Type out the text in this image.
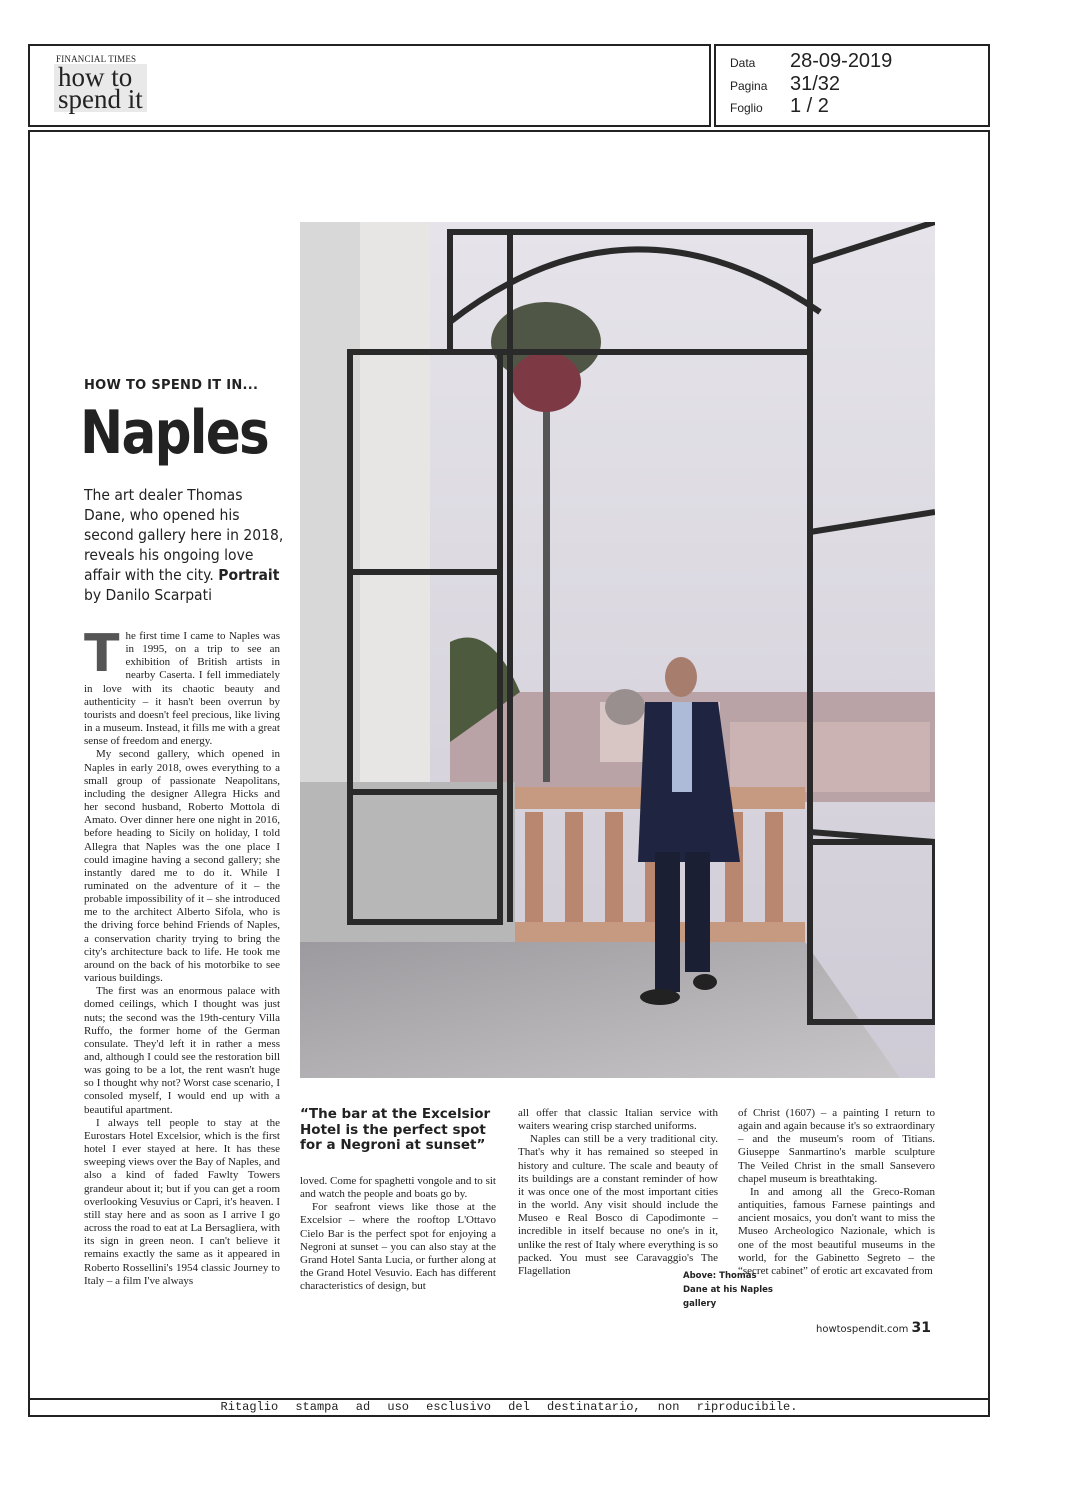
FINANCIAL TIMES
how to
spend it
Data 28-09-2019
Pagina 31/32
Foglio 1 / 2
HOW TO SPEND IT IN...
Naples
The art dealer Thomas Dane, who opened his second gallery here in 2018, reveals his ongoing love affair with the city. Portrait by Danilo Scarpati
T he first time I came to Naples was in 1995, on a trip to see an exhibition of British artists in nearby Caserta. I fell immediately in love with its chaotic beauty and authenticity – it hasn't been overrun by tourists and doesn't feel precious, like living in a museum. Instead, it fills me with a great sense of freedom and energy.

My second gallery, which opened in Naples in early 2018, owes everything to a small group of passionate Neapolitans, including the designer Allegra Hicks and her second husband, Roberto Mottola di Amato. Over dinner here one night in 2016, before heading to Sicily on holiday, I told Allegra that Naples was the one place I could imagine having a second gallery; she instantly dared me to do it. While I ruminated on the adventure of it – the probable impossibility of it – she introduced me to the architect Alberto Sifola, who is the driving force behind Friends of Naples, a conservation charity trying to bring the city's architecture back to life. He took me around on the back of his motorbike to see various buildings.

The first was an enormous palace with domed ceilings, which I thought was just nuts; the second was the 19th-century Villa Ruffo, the former home of the German consulate. They'd left it in rather a mess and, although I could see the restoration bill was going to be a lot, the rent wasn't huge so I thought why not? Worst case scenario, I consoled myself, I would end up with a beautiful apartment.

I always tell people to stay at the Eurostars Hotel Excelsior, which is the first hotel I ever stayed at here. It has these sweeping views over the Bay of Naples, and also a kind of faded Fawlty Towers grandeur about it; but if you can get a room overlooking Vesuvius or Capri, it's heaven. I still stay here and as soon as I arrive I go across the road to eat at La Bersagliera, with its sign in green neon. I can't believe it remains exactly the same as it appeared in Roberto Rossellini's 1954 classic Journey to Italy – a film I've always

“The bar at the Excelsior Hotel is the perfect spot for a Negroni at sunset”

loved. Come for spaghetti vongole and to sit and watch the people and boats go by.

For seafront views like those at the Excelsior – where the rooftop L'Ottavo Cielo Bar is the perfect spot for enjoying a Negroni at sunset – you can also stay at the Grand Hotel Santa Lucia, or further along at the Grand Hotel Vesuvio. Each has different characteristics of design, but

all offer that classic Italian service with waiters wearing crisp starched uniforms.

Naples can still be a very traditional city. That's why it has remained so steeped in history and culture. The scale and beauty of its buildings are a constant reminder of how it was once one of the most important cities in the world. Any visit should include the Museo e Real Bosco di Capodimonte – incredible in itself because no one's in it, unlike the rest of Italy where everything is so packed. You must see Caravaggio's The Flagellation

of Christ (1607) – a painting I return to again and again because it's so extraordinary – and the museum's room of Titians. Giuseppe Sanmartino's marble sculpture The Veiled Christ in the small Sansevero chapel museum is breathtaking.

In and among all the Greco-Roman antiquities, famous Farnese paintings and ancient mosaics, you don't want to miss the Museo Archeologico Nazionale, which is one of the most beautiful museums in the world, for the Gabinetto Segreto – the “secret cabinet” of erotic art excavated from

Above: Thomas Dane at his Naples gallery
howtospendit.com 31
Ritaglio stampa ad uso esclusivo del destinatario, non riproducibile.
